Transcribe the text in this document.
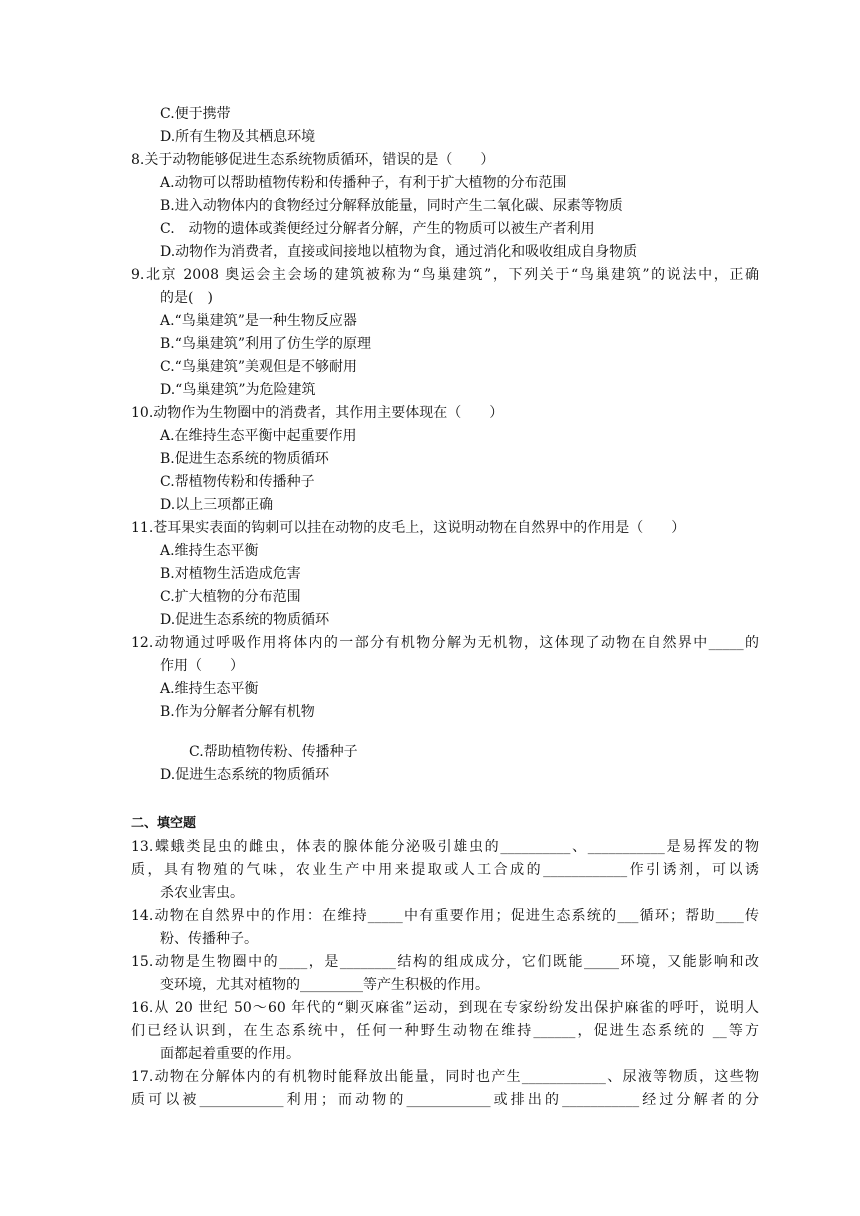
C.便于携带
D.所有生物及其栖息环境
8.关于动物能够促进生态系统物质循环，错误的是（　　）
A.动物可以帮助植物传粉和传播种子，有利于扩大植物的分布范围
B.进入动物体内的食物经过分解释放能量，同时产生二氧化碳、尿素等物质
C.　动物的遗体或粪便经过分解者分解，产生的物质可以被生产者利用
D.动物作为消费者，直接或间接地以植物为食，通过消化和吸收组成自身物质
9.北京 2008 奥运会主会场的建筑被称为“鸟巢建筑”，下列关于“鸟巢建筑”的说法中，正确
的是(　)
A.“鸟巢建筑”是一种生物反应器
B.“鸟巢建筑”利用了仿生学的原理
C.“鸟巢建筑”美观但是不够耐用
D.“鸟巢建筑”为危险建筑
10.动物作为生物圈中的消费者，其作用主要体现在（　　）
A.在维持生态平衡中起重要作用
B.促进生态系统的物质循环
C.帮植物传粉和传播种子
D.以上三项都正确
11.苍耳果实表面的钩刺可以挂在动物的皮毛上，这说明动物在自然界中的作用是（　　）
A.维持生态平衡
B.对植物生活造成危害
C.扩大植物的分布范围
D.促进生态系统的物质循环
12.动物通过呼吸作用将体内的一部分有机物分解为无机物，这体现了动物在自然界中_____的
作用（　　）
A.维持生态平衡
B.作为分解者分解有机物
C.帮助植物传粉、传播种子
D.促进生态系统的物质循环
二、填空题
13.蝶蛾类昆虫的雌虫，体表的腺体能分泌吸引雄虫的__________、___________是易挥发的物
质，具有物殖的气味，农业生产中用来提取或人工合成的____________作引诱剂，可以诱
杀农业害虫。
14.动物在自然界中的作用：在维持_____中有重要作用；促进生态系统的___循环；帮助____传
粉、传播种子。
15.动物是生物圈中的____，是________结构的组成成分，它们既能_____环境，又能影响和改
变环境，尤其对植物的_________等产生积极的作用。
16.从 20 世纪 50～60 年代的“剿灭麻雀”运动，到现在专家纷纷发出保护麻雀的呼吁，说明人
们已经认识到，在生态系统中，任何一种野生动物在维持______，促进生态系统的 __等方
面都起着重要的作用。
17.动物在分解体内的有机物时能释放出能量，同时也产生____________、尿液等物质，这些物
质可以被____________利用；而动物的____________或排出的___________经过分解者的分
